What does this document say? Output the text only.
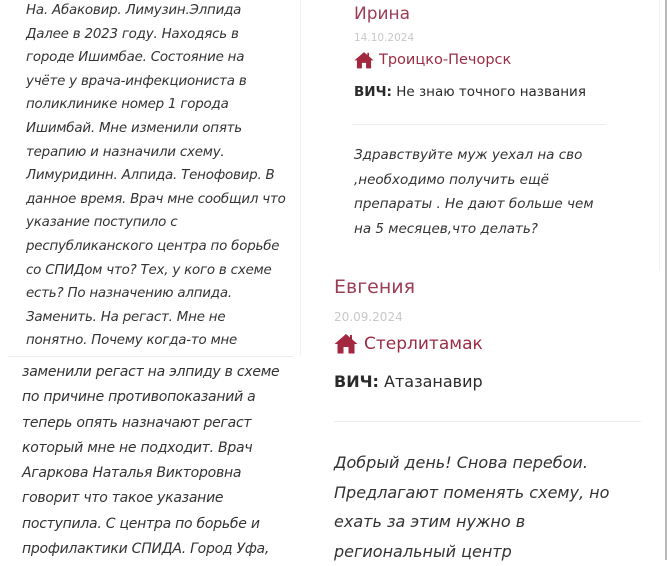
На. Абаковир. Лимузин.Элпида Далее в 2023 году. Находясь в городе Ишимбае. Состояние на учёте у врача-инфекциониста в поликлинике номер 1 города Ишимбай. Мне изменили опять терапию и назначили схему. Лимуридинн. Алпида. Тенофовир. В данное время. Врач мне сообщил что указание поступило с республиканского центра по борьбе со СПИДом что? Тех, у кого в схеме есть? По назначению алпида. Заменить. На регаст. Мне не понятно. Почему когда-то мне

заменили регаст на элпиду в схеме по причине противопоказаний а теперь опять назначают регаст который мне не подходит. Врач Агаркова Наталья Викторовна говорит что такое указание поступила. С центра по борьбе и профилактики СПИДА. Город Уфа,

Ирина

14.10.2024

Троицко-Печорск

ВИЧ: Не знаю точного названия

Здравствуйте муж уехал на сво ,необходимо получить ещё препараты . Не дают больше чем на 5 месяцев,что делать?

Евгения

20.09.2024

Стерлитамак

ВИЧ: Атазанавир

Добрый день! Снова перебои. Предлагают поменять схему, но ехать за этим нужно в региональный центр
